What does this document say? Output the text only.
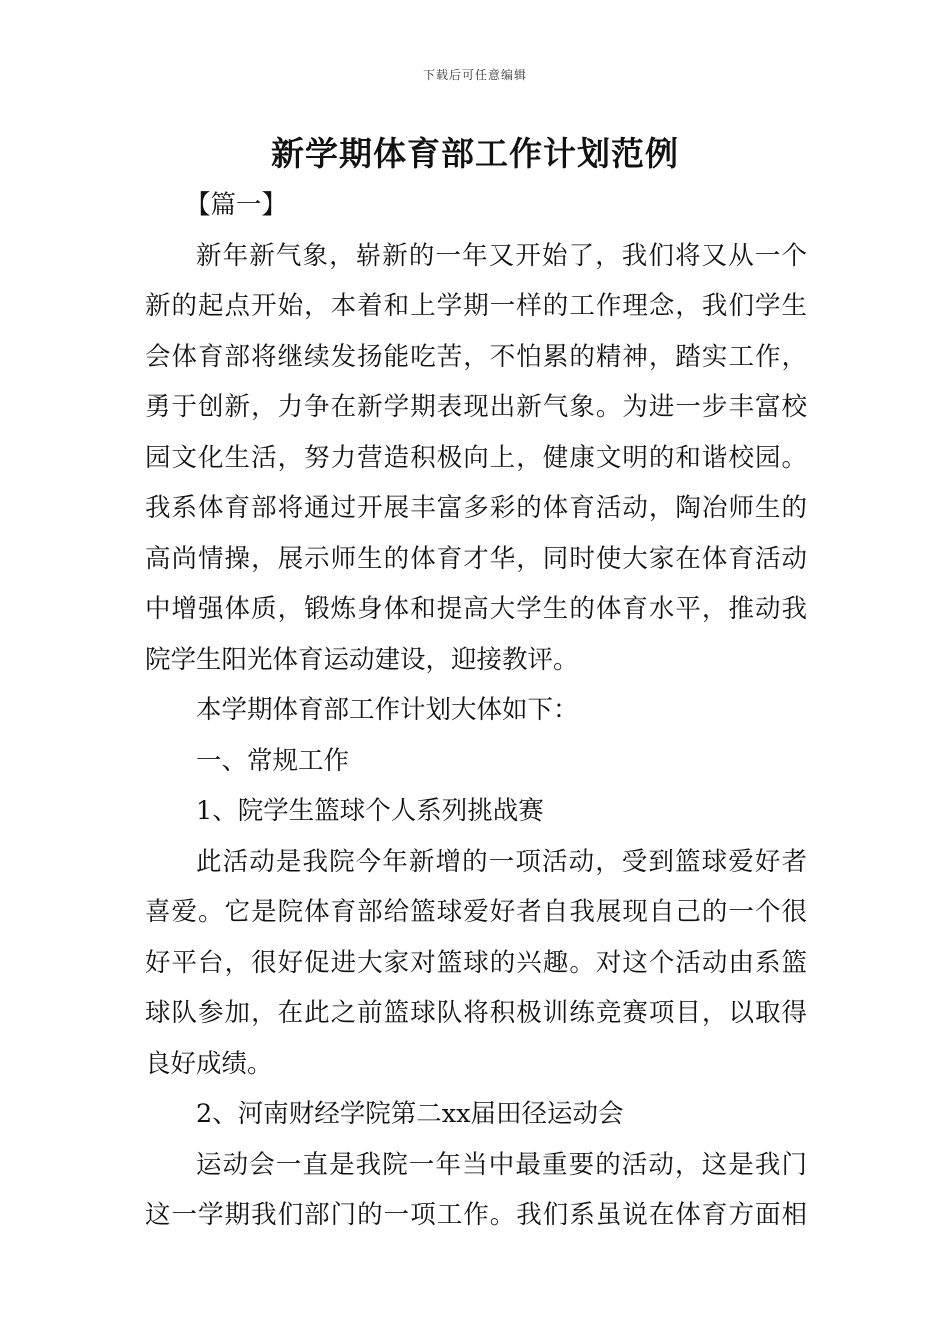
下载后可任意编辑
新学期体育部工作计划范例
【篇一】
新年新气象，崭新的一年又开始了，我们将又从一个
新的起点开始，本着和上学期一样的工作理念，我们学生
会体育部将继续发扬能吃苦，不怕累的精神，踏实工作，
勇于创新，力争在新学期表现出新气象。为进一步丰富校
园文化生活，努力营造积极向上，健康文明的和谐校园。
我系体育部将通过开展丰富多彩的体育活动，陶冶师生的
高尚情操，展示师生的体育才华，同时使大家在体育活动
中增强体质，锻炼身体和提高大学生的体育水平，推动我
院学生阳光体育运动建设，迎接教评。
本学期体育部工作计划大体如下：
一、常规工作
1、院学生篮球个人系列挑战赛
此活动是我院今年新增的一项活动，受到篮球爱好者
喜爱。它是院体育部给篮球爱好者自我展现自己的一个很
好平台，很好促进大家对篮球的兴趣。对这个活动由系篮
球队参加，在此之前篮球队将积极训练竞赛项目，以取得
良好成绩。
2、河南财经学院第二xx届田径运动会
运动会一直是我院一年当中最重要的活动，这是我门
这一学期我们部门的一项工作。我们系虽说在体育方面相
